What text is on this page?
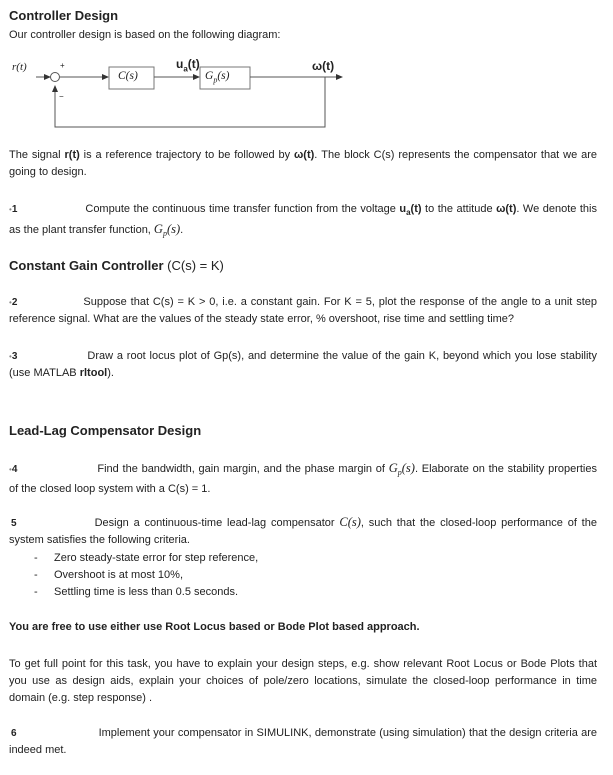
Controller Design
Our controller design is based on the following diagram:
r(t)	+
−
C(s)	$G_p(s)$
$u_a(t)$	ω(t)
The signal r(t) is a reference trajectory to be followed by ω(t). The block C(s) represents the compensator that we are going to design.
•1	Compute the continuous time transfer function from the voltage $u_a(t)$ to the attitude ω(t). We denote this as the plant transfer function, $G_p(s)$.
Constant Gain Controller (C(s) = K)
•2	Suppose that C(s) = K > 0, i.e. a constant gain. For K = 5, plot the response of the angle to a unit step reference signal. What are the values of the steady state error, % overshoot, rise time and settling time?
•3	Draw a root locus plot of Gp(s), and determine the value of the gain K, beyond which you lose stability (use MATLAB rltool).
Lead-Lag Compensator Design
•4	Find the bandwidth, gain margin, and the phase margin of $G_p(s)$. Elaborate on the stability properties of the closed loop system with a C(s) = 1.
5	Design a continuous-time lead-lag compensator C(s), such that the closed-loop performance of the system satisfies the following criteria.
- Zero steady-state error for step reference,
- Overshoot is at most 10%,
- Settling time is less than 0.5 seconds.
You are free to use either use Root Locus based or Bode Plot based approach.
To get full point for this task, you have to explain your design steps, e.g. show relevant Root Locus or Bode Plots that you use as design aids, explain your choices of pole/zero locations, simulate the closed-loop performance in time domain (e.g. step response) .
6	Implement your compensator in SIMULINK, demonstrate (using simulation) that the design criteria are indeed met.
